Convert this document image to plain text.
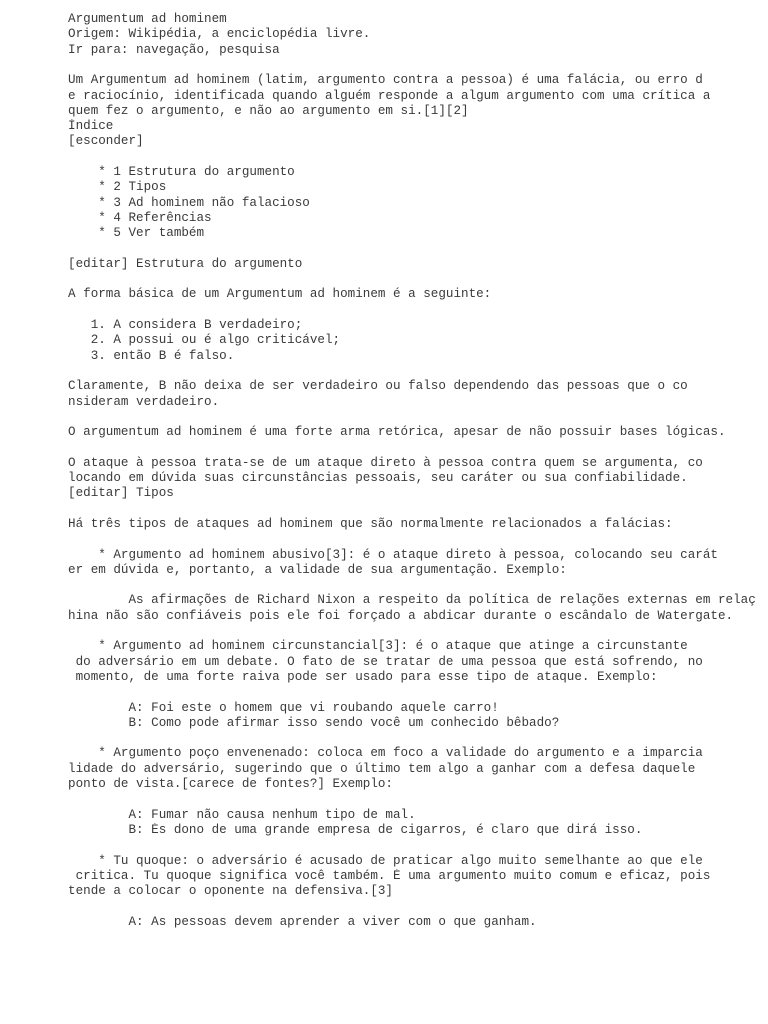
Argumentum ad hominem
Origem: Wikipédia, a enciclopédia livre.
Ir para: navegação, pesquisa
Um Argumentum ad hominem (latim, argumento contra a pessoa) é uma falácia, ou erro d
e raciocínio, identificada quando alguém responde a algum argumento com uma crítica a
quem fez o argumento, e não ao argumento em si.[1][2]
Índice
[esconder]
* 1 Estrutura do argumento
* 2 Tipos
* 3 Ad hominem não falacioso
* 4 Referências
* 5 Ver também
[editar] Estrutura do argumento
A forma básica de um Argumentum ad hominem é a seguinte:
1. A considera B verdadeiro;
2. A possui ou é algo criticável;
3. então B é falso.
Claramente, B não deixa de ser verdadeiro ou falso dependendo das pessoas que o co
nsideram verdadeiro.
O argumentum ad hominem é uma forte arma retórica, apesar de não possuir bases lógicas.
O ataque à pessoa trata-se de um ataque direto à pessoa contra quem se argumenta, co
locando em dúvida suas circunstâncias pessoais, seu caráter ou sua confiabilidade.
[editar] Tipos
Há três tipos de ataques ad hominem que são normalmente relacionados a falácias:
* Argumento ad hominem abusivo[3]: é o ataque direto à pessoa, colocando seu carát
er em dúvida e, portanto, a validade de sua argumentação. Exemplo:
As afirmações de Richard Nixon a respeito da política de relações externas em relaç
hina não são confiáveis pois ele foi forçado a abdicar durante o escândalo de Watergate.
* Argumento ad hominem circunstancial[3]: é o ataque que atinge a circunstante
do adversário em um debate. O fato de se tratar de uma pessoa que está sofrendo, no
momento, de uma forte raiva pode ser usado para esse tipo de ataque. Exemplo:
A: Foi este o homem que vi roubando aquele carro!
B: Como pode afirmar isso sendo você um conhecido bêbado?
* Argumento poço envenenado: coloca em foco a validade do argumento e a imparcia
lidade do adversário, sugerindo que o último tem algo a ganhar com a defesa daquele
ponto de vista.[carece de fontes?] Exemplo:
A: Fumar não causa nenhum tipo de mal.
B: És dono de uma grande empresa de cigarros, é claro que dirá isso.
* Tu quoque: o adversário é acusado de praticar algo muito semelhante ao que ele
critica. Tu quoque significa você também. É uma argumento muito comum e eficaz, pois
tende a colocar o oponente na defensiva.[3]
A: As pessoas devem aprender a viver com o que ganham.
